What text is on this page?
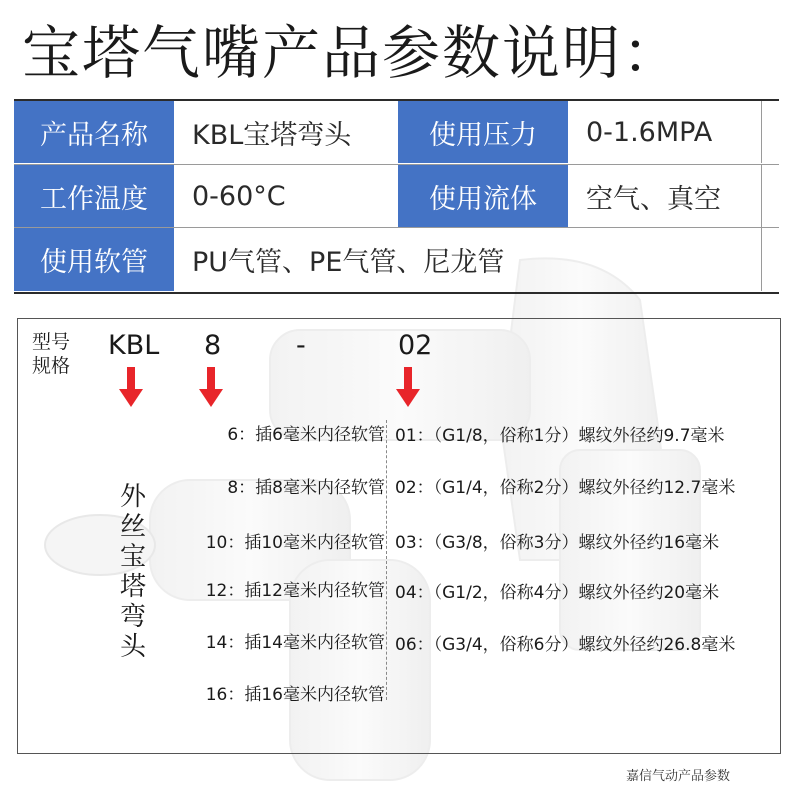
宝塔气嘴产品参数说明：
产品名称	KBL宝塔弯头	使用压力	0-1.6MPA
工作温度	0-60°C	使用流体	空气、真空
使用软管	PU气管、PE气管、尼龙管
型号规格
KBL 8	-	02
外丝宝塔弯头
6：插6毫米内径软管
8：插8毫米内径软管
10：插10毫米内径软管
12：插12毫米内径软管
14：插14毫米内径软管
16：插16毫米内径软管
01：（G1/8，俗称1分）螺纹外径约9.7毫米
02：（G1/4，俗称2分）螺纹外径约12.7毫米
03：（G3/8，俗称3分）螺纹外径约16毫米
04：（G1/2，俗称4分）螺纹外径约20毫米
06：（G3/4，俗称6分）螺纹外径约26.8毫米
嘉信气动产品参数
